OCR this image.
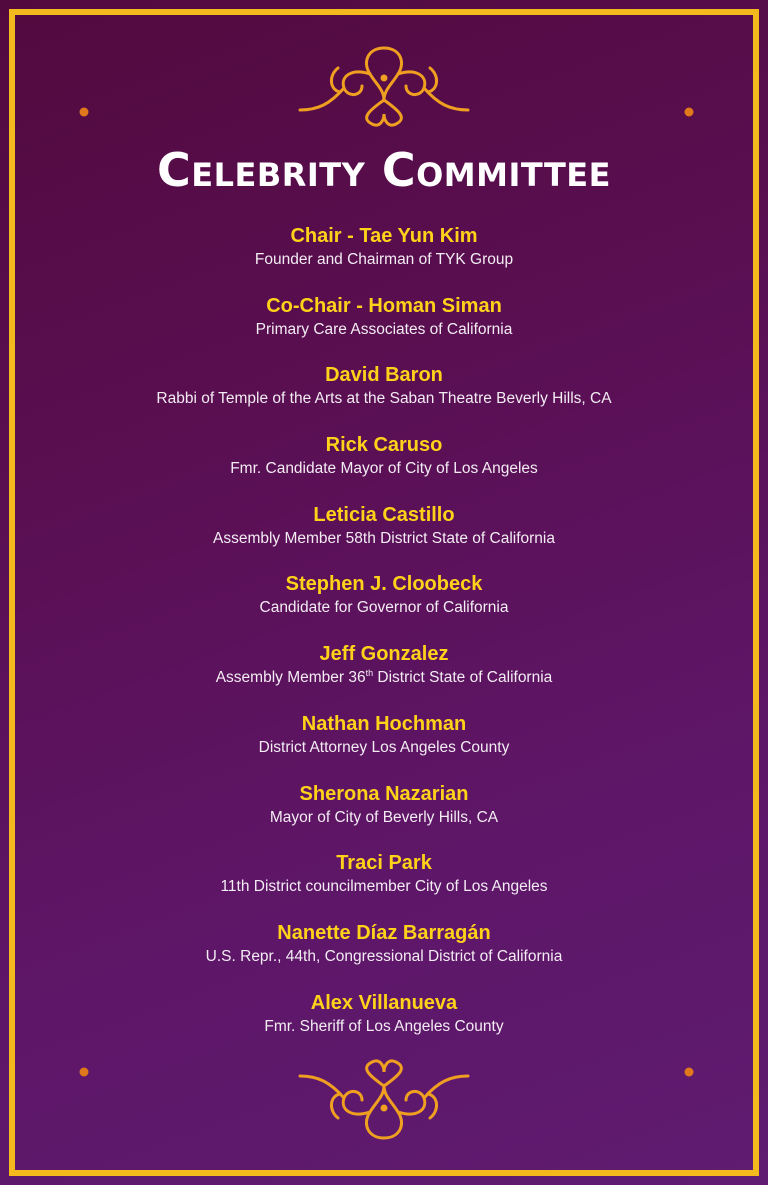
Celebrity Committee
Chair - Tae Yun Kim
Founder and Chairman of TYK Group
Co-Chair - Homan Siman
Primary Care Associates of California
David Baron
Rabbi of Temple of the Arts at the Saban Theatre Beverly Hills, CA
Rick Caruso
Fmr. Candidate Mayor of City of Los Angeles
Leticia Castillo
Assembly Member 58th District State of California
Stephen J. Cloobeck
Candidate for Governor of California
Jeff Gonzalez
Assembly Member 36th District State of California
Nathan Hochman
District Attorney Los Angeles County
Sherona Nazarian
Mayor of City of Beverly Hills, CA
Traci Park
11th District councilmember City of Los Angeles
Nanette Díaz Barragán
U.S. Repr., 44th, Congressional District of California
Alex Villanueva
Fmr. Sheriff of Los Angeles County
